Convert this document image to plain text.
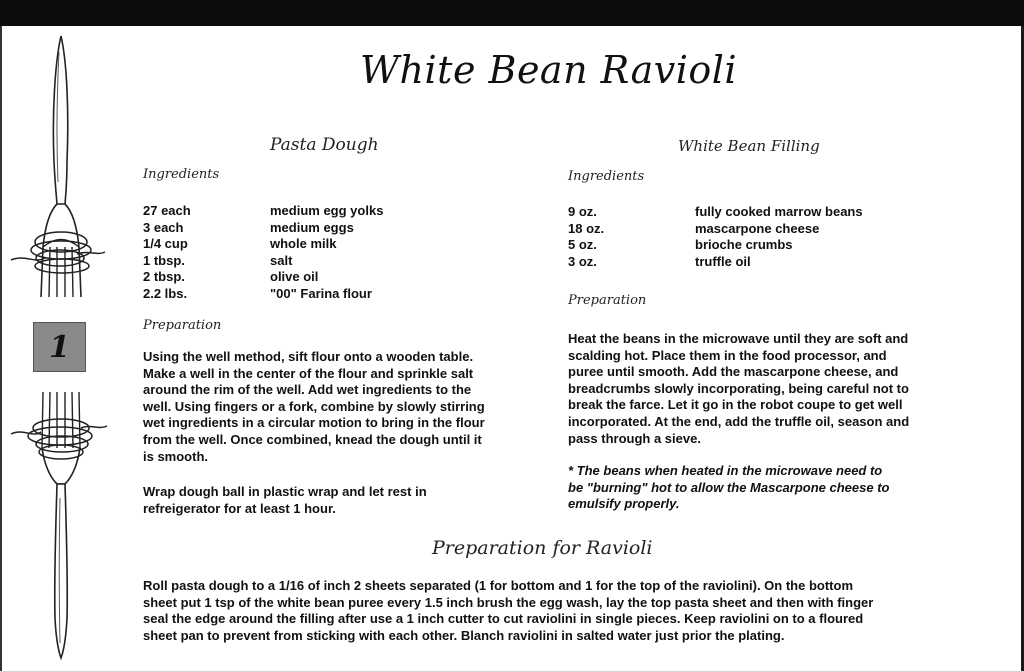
1
White Bean Ravioli
Pasta Dough
Ingredients
27 each	medium egg yolks
3 each	medium eggs
1/4 cup	whole milk
1 tbsp.	salt
2 tbsp.	olive oil
2.2 lbs.	"00" Farina flour
Preparation
Using the well method, sift flour onto a wooden table.
Make a well in the center of the flour and sprinkle salt
around the rim of the well. Add wet ingredients to the
well. Using fingers or a fork, combine by slowly stirring
wet ingredients in a circular motion to bring in the flour
from the well. Once combined, knead the dough until it
is smooth.
Wrap dough ball in plastic wrap and let rest in
refreigerator for at least 1 hour.
White Bean Filling
Ingredients
9 oz.	fully cooked marrow beans
18 oz.	mascarpone cheese
5 oz.	brioche crumbs
3 oz.	truffle oil
Preparation
Heat the beans in the microwave until they are soft and
scalding hot. Place them in the food processor, and
puree until smooth. Add the mascarpone cheese, and
breadcrumbs slowly incorporating, being careful not to
break the farce. Let it go in the robot coupe to get well
incorporated. At the end, add the truffle oil, season and
pass through a sieve.
* The beans when heated in the microwave need to
be "burning" hot to allow the Mascarpone cheese to
emulsify properly.
Preparation for Ravioli
Roll pasta dough to a 1/16 of inch 2 sheets separated (1 for bottom and 1 for the top of the raviolini). On the bottom
sheet put 1 tsp of the white bean puree every 1.5 inch brush the egg wash, lay the top pasta sheet and then with finger
seal the edge around the filling after use a 1 inch cutter to cut raviolini in single pieces. Keep raviolini on to a floured
sheet pan to prevent from sticking with each other. Blanch raviolini in salted water just prior the plating.
